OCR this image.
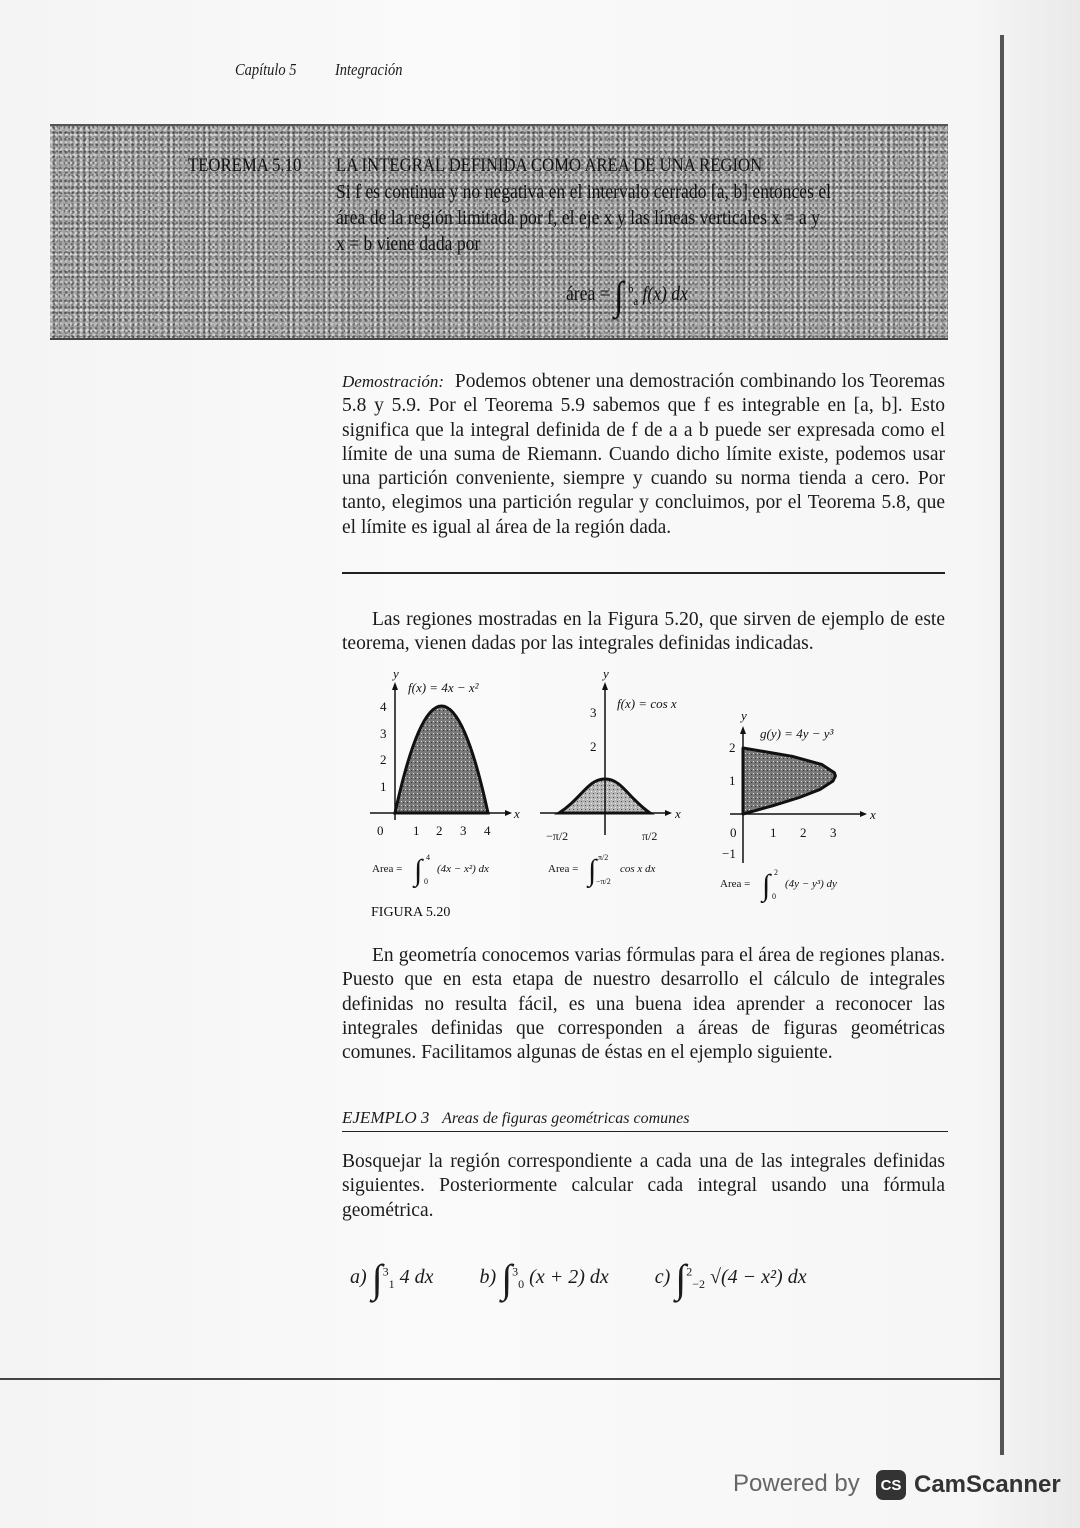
Capítulo 5 Integración
TEOREMA 5.10 LA INTEGRAL DEFINIDA COMO AREA DE UNA REGION
Si f es continua y no negativa en el intervalo cerrado [a, b] entonces el
área de la región limitada por f, el eje x y las líneas verticales x = a y
x = b viene dada por
área = ∫ $^b_a$ f(x) dx

Demostración: Podemos obtener una demostración combinando los Teoremas 5.8 y 5.9. Por el Teorema 5.9 sabemos que f es integrable en [a, b]. Esto significa que la integral definida de f de a a b puede ser expresada como el límite de una suma de Riemann. Cuando dicho límite existe, podemos usar una partición conveniente, siempre y cuando su norma tienda a cero. Por tanto, elegimos una partición regular y concluimos, por el Teorema 5.8, que el límite es igual al área de la región dada.

Las regiones mostradas en la Figura 5.20, que sirven de ejemplo de este teorema, vienen dadas por las integrales definidas indicadas.
x
y
f(x) = 4x − x²
0 1 2 3 4
1
2
3
4
Area = ∫ 4
0
(4x − x²) dx
x
y
f(x) = cos x
−π/2	π/2
2
3
Area = ∫ π/2
−π/2
cos x dx
x
y
g(y) = 4y − y³
0	1 2 3
−1
1
2
Area = ∫ 2
0
(4y − y³) dy
FIGURA 5.20
En geometría conocemos varias fórmulas para el área de regiones planas. Puesto que en esta etapa de nuestro desarrollo el cálculo de integrales definidas no resulta fácil, es una buena idea aprender a reconocer las integrales definidas que corresponden a áreas de figuras geométricas comunes. Facilitamos algunas de éstas en el ejemplo siguiente.
EJEMPLO 3 Areas de figuras geométricas comunes
Bosquejar la región correspondiente a cada una de las integrales definidas siguientes. Posteriormente calcular cada integral usando una fórmula geométrica.
a) ∫$^3_1$ 4 dx b) ∫$^3_0$ (x + 2) dx c) ∫$^2_{-2}$ √(4 − x²) dx
Powered by	CS CamScanner
